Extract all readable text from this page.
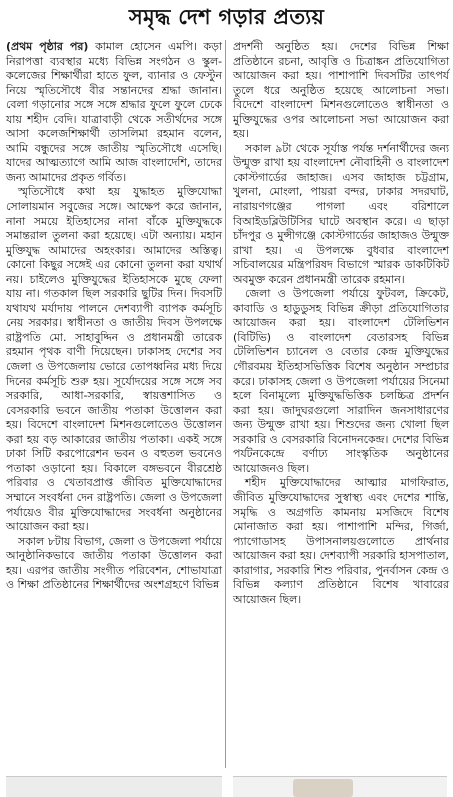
সমৃদ্ধ দেশ গড়ার প্রত্যয়

(প্রথম পৃষ্ঠার পর) কামাল হোসেন এমপি। কড়া নিরাপত্তা ব্যবস্থার মধ্যে বিভিন্ন সংগঠন ও স্কুল-কলেজের শিক্ষার্থীরা হাতে ফুল, ব্যানার ও ফেস্টুন নিয়ে স্মৃতিসৌধে বীর সন্তানদের শ্রদ্ধা জানান। বেলা গড়ানোর সঙ্গে সঙ্গে শ্রদ্ধার ফুলে ফুলে ঢেকে যায় শহীদ বেদি। যাত্রাবাড়ী থেকে সতীর্থদের সঙ্গে আসা কলেজশিক্ষার্থী তাসলিমা রহমান বলেন, আমি বন্ধুদের সঙ্গে জাতীয় স্মৃতিসৌধে এসেছি। যাদের আত্মত্যাগে আমি আজ বাংলাদেশি, তাদের জন্য আমাদের প্রকৃত গর্বিত।

স্মৃতিসৌধে কথা হয় যুদ্ধাহত মুক্তিযোদ্ধা সোলায়মান সবুজের সঙ্গে। আক্ষেপ করে জানান, নানা সময়ে ইতিহাসের নানা বাঁকে মুক্তিযুদ্ধকে সমান্তরাল তুলনা করা হয়েছে। এটা অন্যায়। মহান মুক্তিযুদ্ধ আমাদের অহংকার। আমাদের অস্তিত্ব। কোনো কিছুর সঙ্গেই এর কোনো তুলনা করা যথার্থ নয়। চাইলেও মুক্তিযুদ্ধের ইতিহাসকে মুছে ফেলা যায় না। গতকাল ছিল সরকারি ছুটির দিন। দিবসটি যথাযথ মর্যাদায় পালনে দেশব্যাপী ব্যাপক কর্মসূচি নেয় সরকার। স্বাধীনতা ও জাতীয় দিবস উপলক্ষে রাষ্ট্রপতি মো. সাহাবুদ্দিন ও প্রধানমন্ত্রী তারেক রহমান পৃথক বাণী দিয়েছেন। ঢাকাসহ দেশের সব জেলা ও উপজেলায় ভোরে তোপধ্বনির মধ্য দিয়ে দিনের কর্মসূচি শুরু হয়। সূর্যোদয়ের সঙ্গে সঙ্গে সব সরকারি, আধা-সরকারি, স্বায়ত্তশাসিত ও বেসরকারি ভবনে জাতীয় পতাকা উত্তোলন করা হয়। বিদেশে বাংলাদেশ মিশনগুলোতেও উত্তোলন করা হয় বড় আকারের জাতীয় পতাকা। একই সঙ্গে ঢাকা সিটি করপোরেশন ভবন ও বহুতল ভবনেও পতাকা ওড়ানো হয়। বিকালে বঙ্গভবনে বীরশ্রেষ্ঠ পরিবার ও খেতাবপ্রাপ্ত জীবিত মুক্তিযোদ্ধাদের সম্মানে সংবর্ধনা দেন রাষ্ট্রপতি। জেলা ও উপজেলা পর্যায়েও বীর মুক্তিযোদ্ধাদের সংবর্ধনা অনুষ্ঠানের আয়োজন করা হয়।

সকাল ৮টায় বিভাগ, জেলা ও উপজেলা পর্যায়ে আনুষ্ঠানিকভাবে জাতীয় পতাকা উত্তোলন করা হয়। এরপর জাতীয় সংগীত পরিবেশন, শোভাযাত্রা ও শিক্ষা প্রতিষ্ঠানের শিক্ষার্থীদের অংশগ্রহণে বিভিন্ন

প্রদর্শনী অনুষ্ঠিত হয়। দেশের বিভিন্ন শিক্ষা প্রতিষ্ঠানে রচনা, আবৃত্তি ও চিত্রাঙ্কন প্রতিযোগিতা আয়োজন করা হয়। পাশাপাশি দিবসটির তাৎপর্য তুলে ধরে অনুষ্ঠিত হয়েছে আলোচনা সভা। বিদেশে বাংলাদেশ মিশনগুলোতেও স্বাধীনতা ও মুক্তিযুদ্ধের ওপর আলোচনা সভা আয়োজন করা হয়।

সকাল ৯টা থেকে সূর্যাস্ত পর্যন্ত দর্শনার্থীদের জন্য উন্মুক্ত রাখা হয় বাংলাদেশ নৌবাহিনী ও বাংলাদেশ কোস্টগার্ডের জাহাজ। এসব জাহাজ চট্টগ্রাম, খুলনা, মোংলা, পায়রা বন্দর, ঢাকার সদরঘাট, নারায়ণগঞ্জের পাগলা এবং বরিশালে বিআইডব্লিউটিসির ঘাটে অবস্থান করে। এ ছাড়া চাঁদপুর ও মুন্সীগঞ্জে কোস্টগার্ডের জাহাজও উন্মুক্ত রাখা হয়। এ উপলক্ষে বুধবার বাংলাদেশ সচিবালয়ের মন্ত্রিপরিষদ বিভাগে স্মারক ডাকটিকিট অবমুক্ত করেন প্রধানমন্ত্রী তারেক রহমান।

জেলা ও উপজেলা পর্যায়ে ফুটবল, ক্রিকেট, কাবাডি ও হাডুডুসহ বিভিন্ন ক্রীড়া প্রতিযোগিতার আয়োজন করা হয়। বাংলাদেশ টেলিভিশন (বিটিভি) ও বাংলাদেশ বেতারসহ বিভিন্ন টেলিভিশন চ্যানেল ও বেতার কেন্দ্র মুক্তিযুদ্ধের গৌরবময় ইতিহাসভিত্তিক বিশেষ অনুষ্ঠান সম্প্রচার করে। ঢাকাসহ জেলা ও উপজেলা পর্যায়ের সিনেমা হলে বিনামূল্যে মুক্তিযুদ্ধভিত্তিক চলচ্চিত্র প্রদর্শন করা হয়। জাদুঘরগুলো সারাদিন জনসাধারণের জন্য উন্মুক্ত রাখা হয়। শিশুদের জন্য খোলা ছিল সরকারি ও বেসরকারি বিনোদনকেন্দ্র। দেশের বিভিন্ন পর্যটনকেন্দ্রে বর্ণাঢ্য সাংস্কৃতিক অনুষ্ঠানের আয়োজনও ছিল।

শহীদ মুক্তিযোদ্ধাদের আত্মার মাগফিরাত, জীবিত মুক্তিযোদ্ধাদের সুস্বাস্থ্য এবং দেশের শান্তি, সমৃদ্ধি ও অগ্রগতি কামনায় মসজিদে বিশেষ মোনাজাত করা হয়। পাশাপাশি মন্দির, গির্জা, প্যাগোডাসহ উপাসনালয়গুলোতে প্রার্থনার আয়োজন করা হয়। দেশব্যাপী সরকারি হাসপাতাল, কারাগার, সরকারি শিশু পরিবার, পুনর্বাসন কেন্দ্র ও বিভিন্ন কল্যাণ প্রতিষ্ঠানে বিশেষ খাবারের আয়োজন ছিল।
